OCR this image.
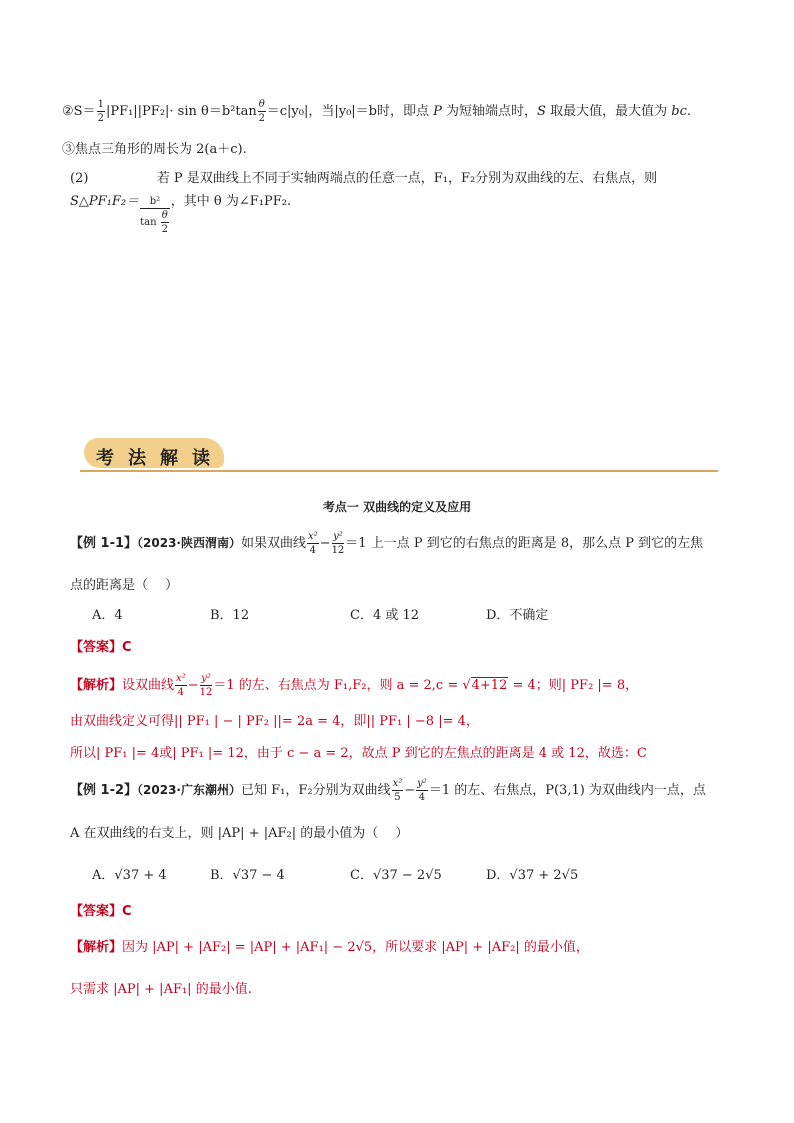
②S＝ $\frac{1}{2} |PF_1||PF_2|\cdot \sin \theta=b^2\tan \frac{\theta}{2} =c|y_0|$，当|y₀|＝b时，即点 P 为短轴端点时，S 取最大值，最大值为 bc.
③焦点三角形的周长为 2(a＋c).
(2)	若 P 是双曲线上不同于实轴两端点的任意一点，F₁，F₂分别为双曲线的左、右焦点，则
S△PF₁F₂＝ $\frac{\text{b²}}{\tan \frac{\theta}{2}}$ ，其中 θ 为∠F₁PF₂.
考 法 解 读
考点一 双曲线的定义及应用
【例 1-1】（2023·陕西渭南）如果双曲线 $\frac{\text{x²}}{4} - \frac{\text{y²}}{12} =1$ 上一点 P 到它的右焦点的距离是 8，那么点 P 到它的左焦
点的距离是（　 ）
A．4	B．12	C．4 或 12	D．不确定
【答案】C
【解析】设双曲线 $\frac{\text{x²}}{4} - \frac{\text{y²}}{12} =1$ 的左、右焦点为 F₁,F₂，则 a = 2,c = √4+12 = 4；则| PF₂ |= 8，
由双曲线定义可得|| PF₁ | − | PF₂ ||= 2a = 4，即|| PF₁ | −8 |= 4，
所以| PF₁ |= 4或| PF₁ |= 12，由于 c − a = 2，故点 P 到它的左焦点的距离是 4 或 12，故选：C
【例 1-2】（2023·广东潮州）已知 F₁，F₂分别为双曲线 $\frac{\text{x²}}{5} - \frac{\text{y²}}{4} =1$ 的左、右焦点，P(3,1) 为双曲线内一点，点
A 在双曲线的右支上，则 |AP| + |AF₂| 的最小值为（　 ）
A．√37 + 4	B．√37 − 4	C．√37 − 2√5	D．√37 + 2√5
【答案】C
【解析】因为 |AP| + |AF₂| = |AP| + |AF₁| − 2√5，所以要求 |AP| + |AF₂| 的最小值，
只需求 |AP| + |AF₁| 的最小值.
